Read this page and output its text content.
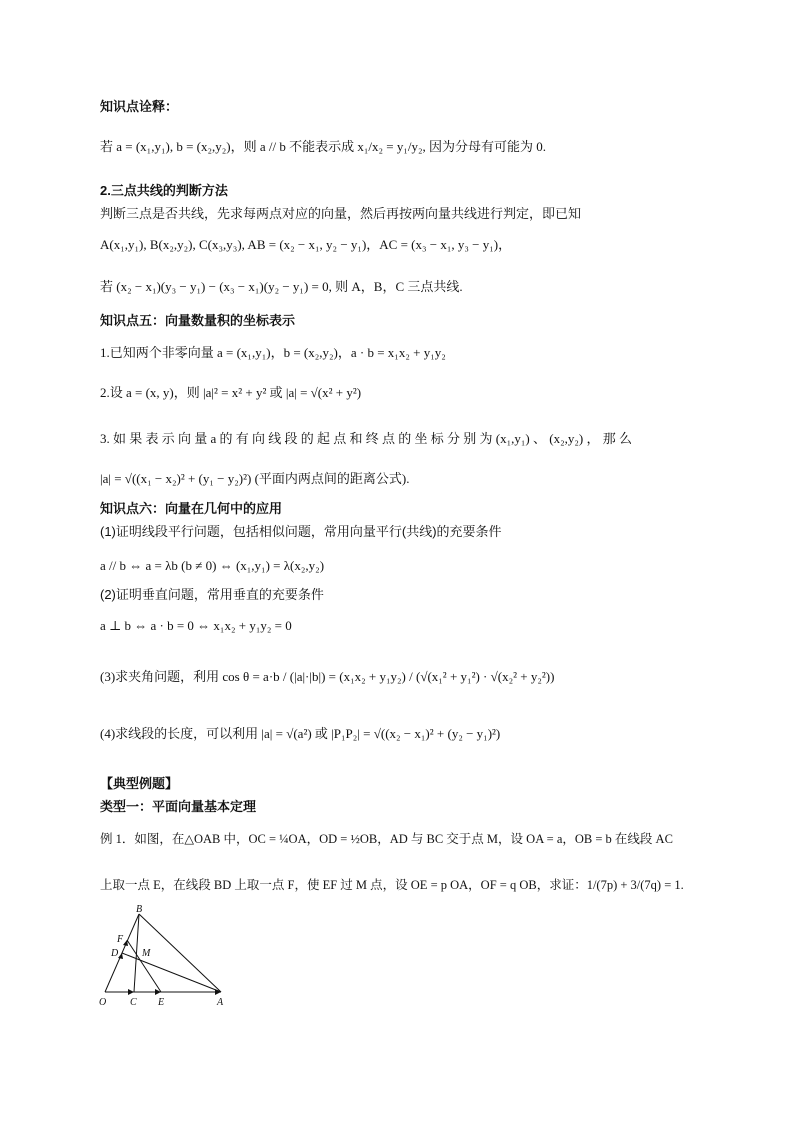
知识点诠释：
若 a = (x₁,y₁), b = (x₂,y₂)，则 a // b 不能表示成 x₁/x₂ = y₁/y₂, 因为分母有可能为 0.
2.三点共线的判断方法
判断三点是否共线，先求每两点对应的向量，然后再按两向量共线进行判定，即已知
A(x₁,y₁), B(x₂,y₂), C(x₃,y₃), AB = (x₂ − x₁, y₂ − y₁)，AC = (x₃ − x₁, y₃ − y₁)，
若 (x₂ − x₁)(y₃ − y₁) − (x₃ − x₁)(y₂ − y₁) = 0, 则 A，B，C 三点共线.
知识点五：向量数量积的坐标表示
1.已知两个非零向量 a = (x₁,y₁)，b = (x₂,y₂)，a · b = x₁x₂ + y₁y₂
2.设 a = (x, y)，则 |a|² = x² + y² 或 |a| = √(x² + y²)
3. 如 果 表 示 向 量 a 的 有 向 线 段 的 起 点 和 终 点 的 坐 标 分 别 为 (x₁,y₁) 、 (x₂,y₂) ， 那 么
|a| = √((x₁ − x₂)² + (y₁ − y₂)²) (平面内两点间的距离公式).
知识点六：向量在几何中的应用
(1)证明线段平行问题，包括相似问题，常用向量平行(共线)的充要条件
a // b ⇔ a = λb (b ≠ 0) ⇔ (x₁,y₁) = λ(x₂,y₂)
(2)证明垂直问题，常用垂直的充要条件
a ⊥ b ⇔ a · b = 0 ⇔ x₁x₂ + y₁y₂ = 0
(3)求夹角问题，利用 cos θ = a·b / (|a|·|b|) = (x₁x₂ + y₁y₂) / (√(x₁² + y₁²) · √(x₂² + y₂²))
(4)求线段的长度，可以利用 |a| = √(a²) 或 |P₁P₂| = √((x₂ − x₁)² + (y₂ − y₁)²)
【典型例题】
类型一：平面向量基本定理
例 1．如图，在△OAB 中，OC = ¼OA，OD = ½OB，AD 与 BC 交于点 M，设 OA = a，OB = b 在线段 AC
上取一点 E，在线段 BD 上取一点 F，使 EF 过 M 点，设 OE = p OA，OF = q OB，求证：1/(7p) + 3/(7q) = 1.
B
F
D M
O C E	A
